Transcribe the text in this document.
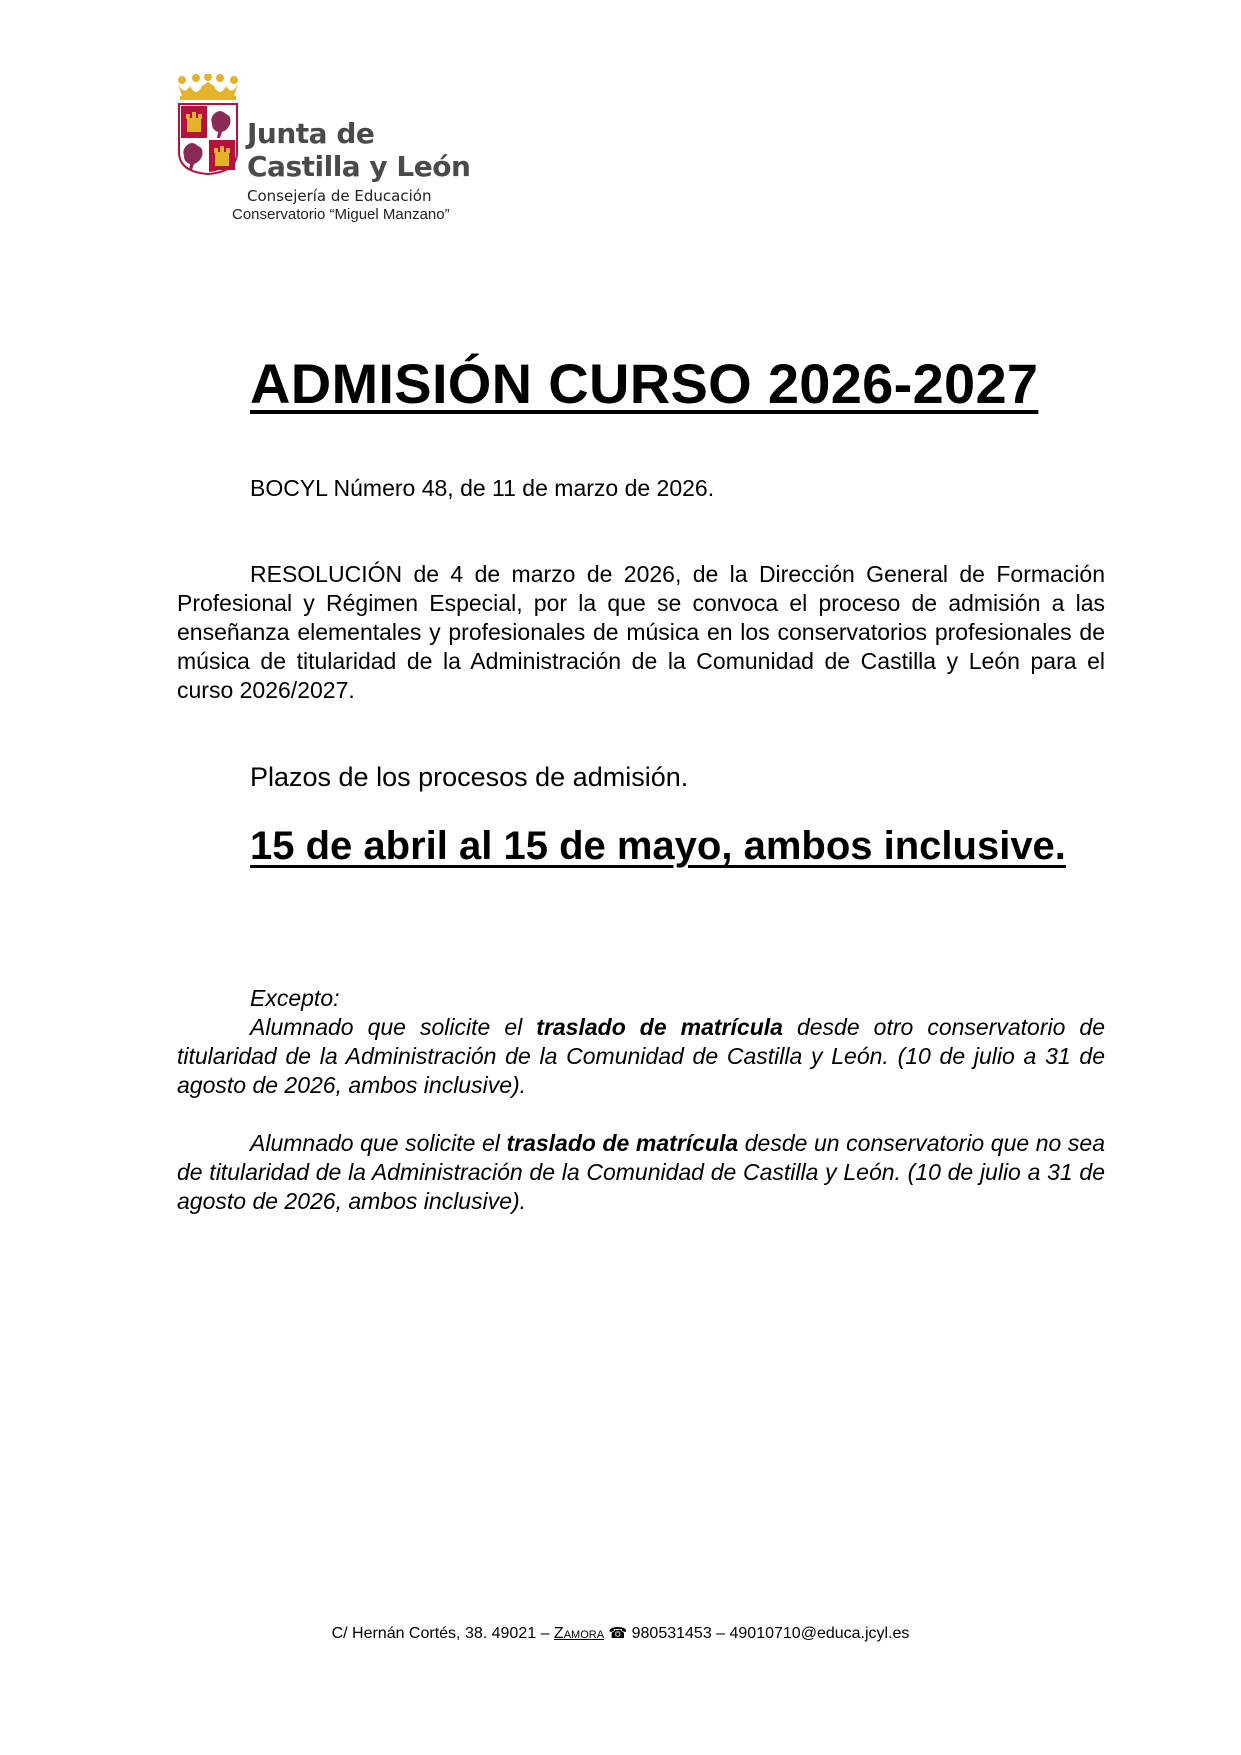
Junta de
Castilla y León
Consejería de Educación
Conservatorio “Miguel Manzano”
ADMISIÓN CURSO 2026-2027

BOCYL Número 48, de 11 de marzo de 2026.

RESOLUCIÓN de 4 de marzo de 2026, de la Dirección General de Formación Profesional y Régimen Especial, por la que se convoca el proceso de admisión a las enseñanza elementales y profesionales de música en los conservatorios profesionales de música de titularidad de la Administración de la Comunidad de Castilla y León para el curso 2026/2027.

Plazos de los procesos de admisión.

15 de abril al 15 de mayo, ambos inclusive.

Excepto:

Alumnado que solicite el traslado de matrícula desde otro conservatorio de titularidad de la Administración de la Comunidad de Castilla y León. (10 de julio a 31 de agosto de 2026, ambos inclusive).

Alumnado que solicite el traslado de matrícula desde un conservatorio que no sea de titularidad de la Administración de la Comunidad de Castilla y León. (10 de julio a 31 de agosto de 2026, ambos inclusive).

C/ Hernán Cortés, 38. 49021 – Zamora ☎ 980531453 – 49010710@educa.jcyl.es
